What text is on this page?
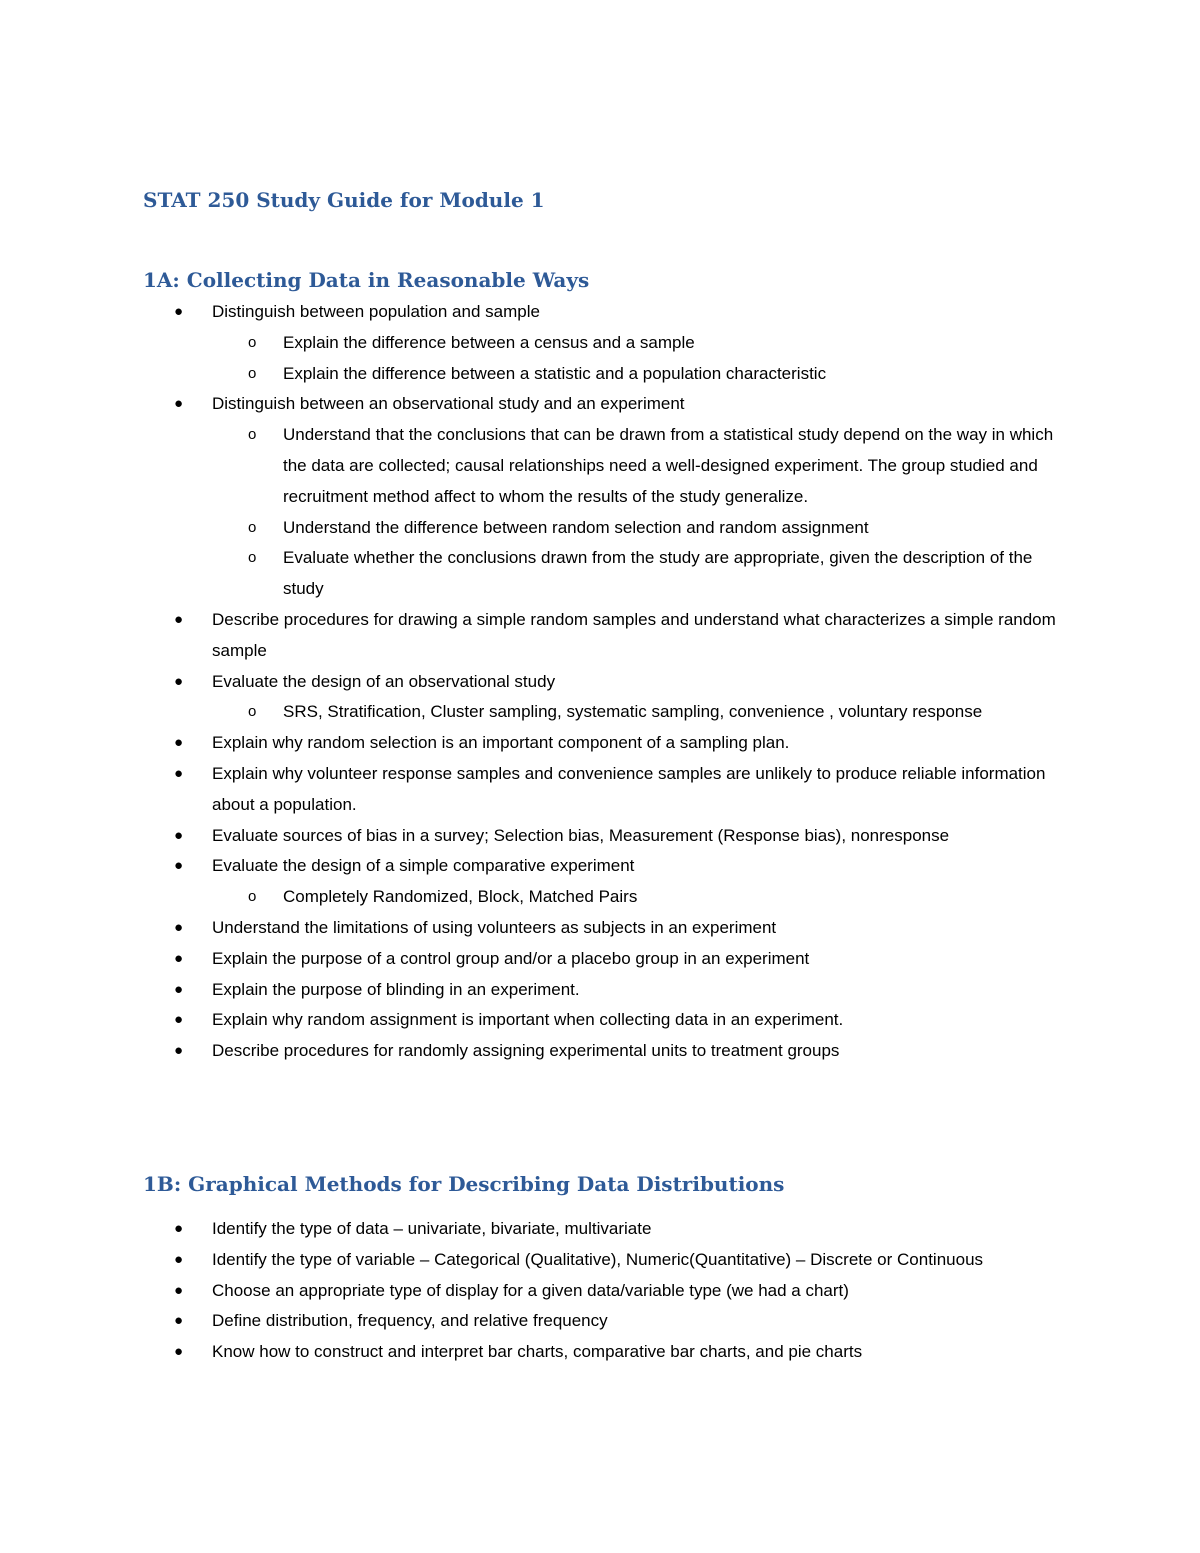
STAT 250 Study Guide for Module 1
1A: Collecting Data in Reasonable Ways
● Distinguish between population and sample
o Explain the difference between a census and a sample
o Explain the difference between a statistic and a population characteristic
● Distinguish between an observational study and an experiment
o Understand that the conclusions that can be drawn from a statistical study depend on the way in which the data are collected; causal relationships need a well-designed experiment. The group studied and recruitment method affect to whom the results of the study generalize.
o Understand the difference between random selection and random assignment
o Evaluate whether the conclusions drawn from the study are appropriate, given the description of the study
● Describe procedures for drawing a simple random samples and understand what characterizes a simple random sample
● Evaluate the design of an observational study
o SRS, Stratification, Cluster sampling, systematic sampling, convenience , voluntary response
● Explain why random selection is an important component of a sampling plan.
● Explain why volunteer response samples and convenience samples are unlikely to produce reliable information about a population.
● Evaluate sources of bias in a survey; Selection bias, Measurement (Response bias), nonresponse
● Evaluate the design of a simple comparative experiment
o Completely Randomized, Block, Matched Pairs
● Understand the limitations of using volunteers as subjects in an experiment
● Explain the purpose of a control group and/or a placebo group in an experiment
● Explain the purpose of blinding in an experiment.
● Explain why random assignment is important when collecting data in an experiment.
● Describe procedures for randomly assigning experimental units to treatment groups
1B: Graphical Methods for Describing Data Distributions
● Identify the type of data – univariate, bivariate, multivariate
● Identify the type of variable – Categorical (Qualitative), Numeric(Quantitative) – Discrete or Continuous
● Choose an appropriate type of display for a given data/variable type (we had a chart)
● Define distribution, frequency, and relative frequency
● Know how to construct and interpret bar charts, comparative bar charts, and pie charts
